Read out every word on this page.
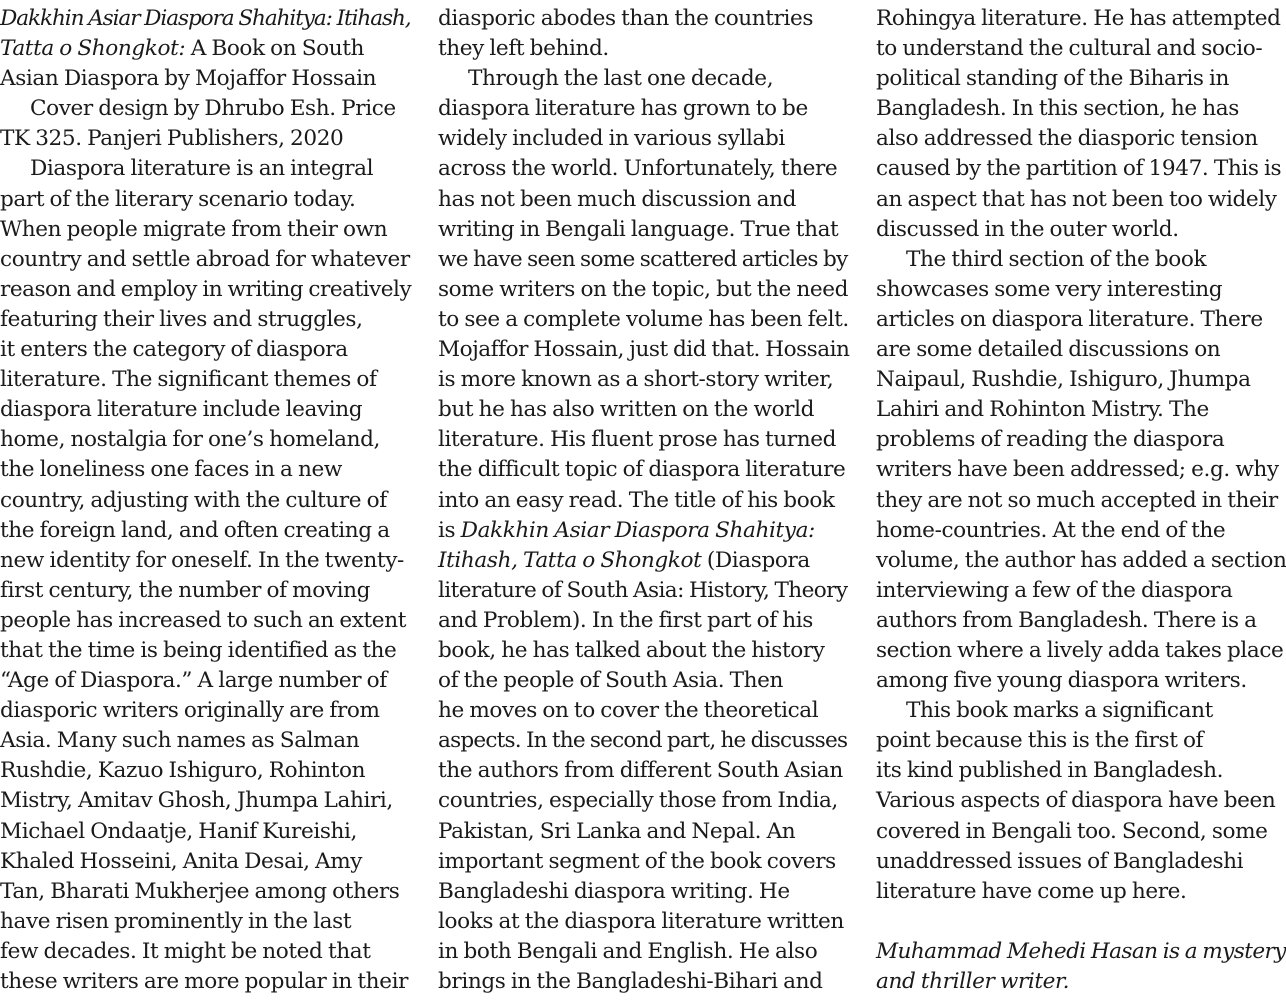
Dakkhin Asiar Diaspora Shahitya: Itihash,
Tatta o Shongkot: A Book on South
Asian Diaspora by Mojaffor Hossain
Cover design by Dhrubo Esh. Price
TK 325. Panjeri Publishers, 2020
Diaspora literature is an integral
part of the literary scenario today.
When people migrate from their own
country and settle abroad for whatever
reason and employ in writing creatively
featuring their lives and struggles,
it enters the category of diaspora
literature. The significant themes of
diaspora literature include leaving
home, nostalgia for one’s homeland,
the loneliness one faces in a new
country, adjusting with the culture of
the foreign land, and often creating a
new identity for oneself. In the twenty-
first century, the number of moving
people has increased to such an extent
that the time is being identified as the
“Age of Diaspora.” A large number of
diasporic writers originally are from
Asia. Many such names as Salman
Rushdie, Kazuo Ishiguro, Rohinton
Mistry, Amitav Ghosh, Jhumpa Lahiri,
Michael Ondaatje, Hanif Kureishi,
Khaled Hosseini, Anita Desai, Amy
Tan, Bharati Mukherjee among others
have risen prominently in the last
few decades. It might be noted that
these writers are more popular in their
diasporic abodes than the countries
they left behind.
Through the last one decade,
diaspora literature has grown to be
widely included in various syllabi
across the world. Unfortunately, there
has not been much discussion and
writing in Bengali language. True that
we have seen some scattered articles by
some writers on the topic, but the need
to see a complete volume has been felt.
Mojaffor Hossain, just did that. Hossain
is more known as a short-story writer,
but he has also written on the world
literature. His fluent prose has turned
the difficult topic of diaspora literature
into an easy read. The title of his book
is Dakkhin Asiar Diaspora Shahitya:
Itihash, Tatta o Shongkot (Diaspora
literature of South Asia: History, Theory
and Problem). In the first part of his
book, he has talked about the history
of the people of South Asia. Then
he moves on to cover the theoretical
aspects. In the second part, he discusses
the authors from different South Asian
countries, especially those from India,
Pakistan, Sri Lanka and Nepal. An
important segment of the book covers
Bangladeshi diaspora writing. He
looks at the diaspora literature written
in both Bengali and English. He also
brings in the Bangladeshi-Bihari and
Rohingya literature. He has attempted
to understand the cultural and socio-
political standing of the Biharis in
Bangladesh. In this section, he has
also addressed the diasporic tension
caused by the partition of 1947. This is
an aspect that has not been too widely
discussed in the outer world.
The third section of the book
showcases some very interesting
articles on diaspora literature. There
are some detailed discussions on
Naipaul, Rushdie, Ishiguro, Jhumpa
Lahiri and Rohinton Mistry. The
problems of reading the diaspora
writers have been addressed; e.g. why
they are not so much accepted in their
home-countries. At the end of the
volume, the author has added a section
interviewing a few of the diaspora
authors from Bangladesh. There is a
section where a lively adda takes place
among five young diaspora writers.
This book marks a significant
point because this is the first of
its kind published in Bangladesh.
Various aspects of diaspora have been
covered in Bengali too. Second, some
unaddressed issues of Bangladeshi
literature have come up here.
Muhammad Mehedi Hasan is a mystery
and thriller writer.
